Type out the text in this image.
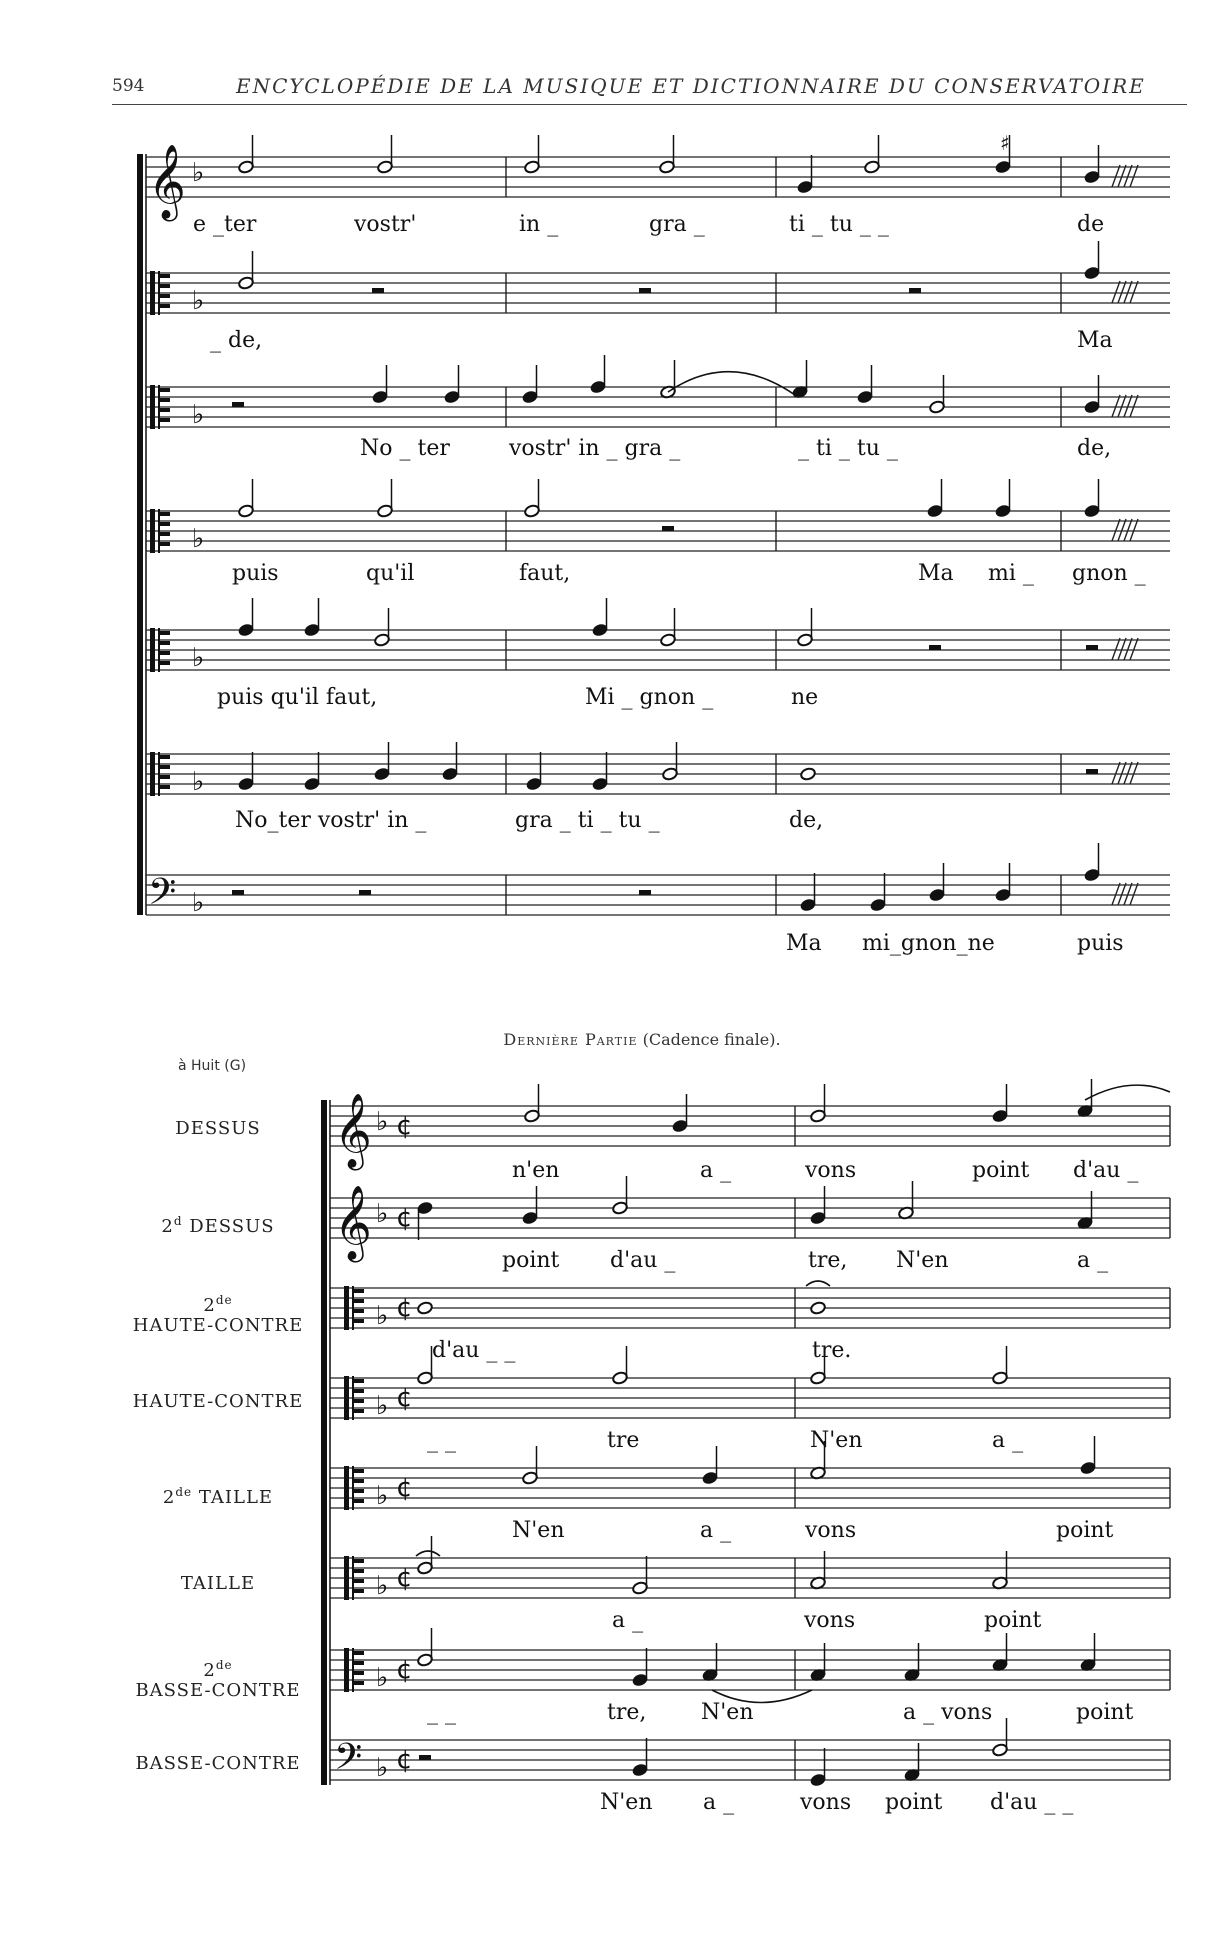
594	ENCYCLOPÉDIE DE LA MUSIQUE ET DICTIONNAIRE DU CONSERVATOIRE
𝄞 ♭
♭
♭
♭
♭
♭
𝄢 ♭
♯
e _ter	vostr'	in _	gra _	ti _ tu _ _	de
_ de,	Ma
No _ ter	vostr' in _ gra _	_ ti _ tu _	de,
puis	qu'il	faut,	Ma mi _ gnon _
puis qu'il faut,	Mi _ gnon _	ne
No_ter vostr' in _	gra _ ti _ tu _	de,
Ma mi_gnon_ne	puis
Dernière Partie (Cadence finale).
à Huit (G)
𝄞 ♭ ¢
𝄞 ♭ ¢
♭ ¢
♭ ¢
♭ ¢
♭ ¢
♭ ¢
𝄢 ♭ ¢
DESSUS
2$^d$ DESSUS
2de
HAUTE-CONTRE
HAUTE-CONTRE
2de TAILLE
TAILLE
2de
BASSE-CONTRE
BASSE-CONTRE
n'en	a _	vons	point d'au _
point d'au _	tre, N'en	a _
d'au _ _	tre.
_ _	tre	N'en	a _
N'en	a _	vons	point
a _	vons	point
_ _	tre, N'en	a _ vons	point
N'en a _	vons point d'au _ _
